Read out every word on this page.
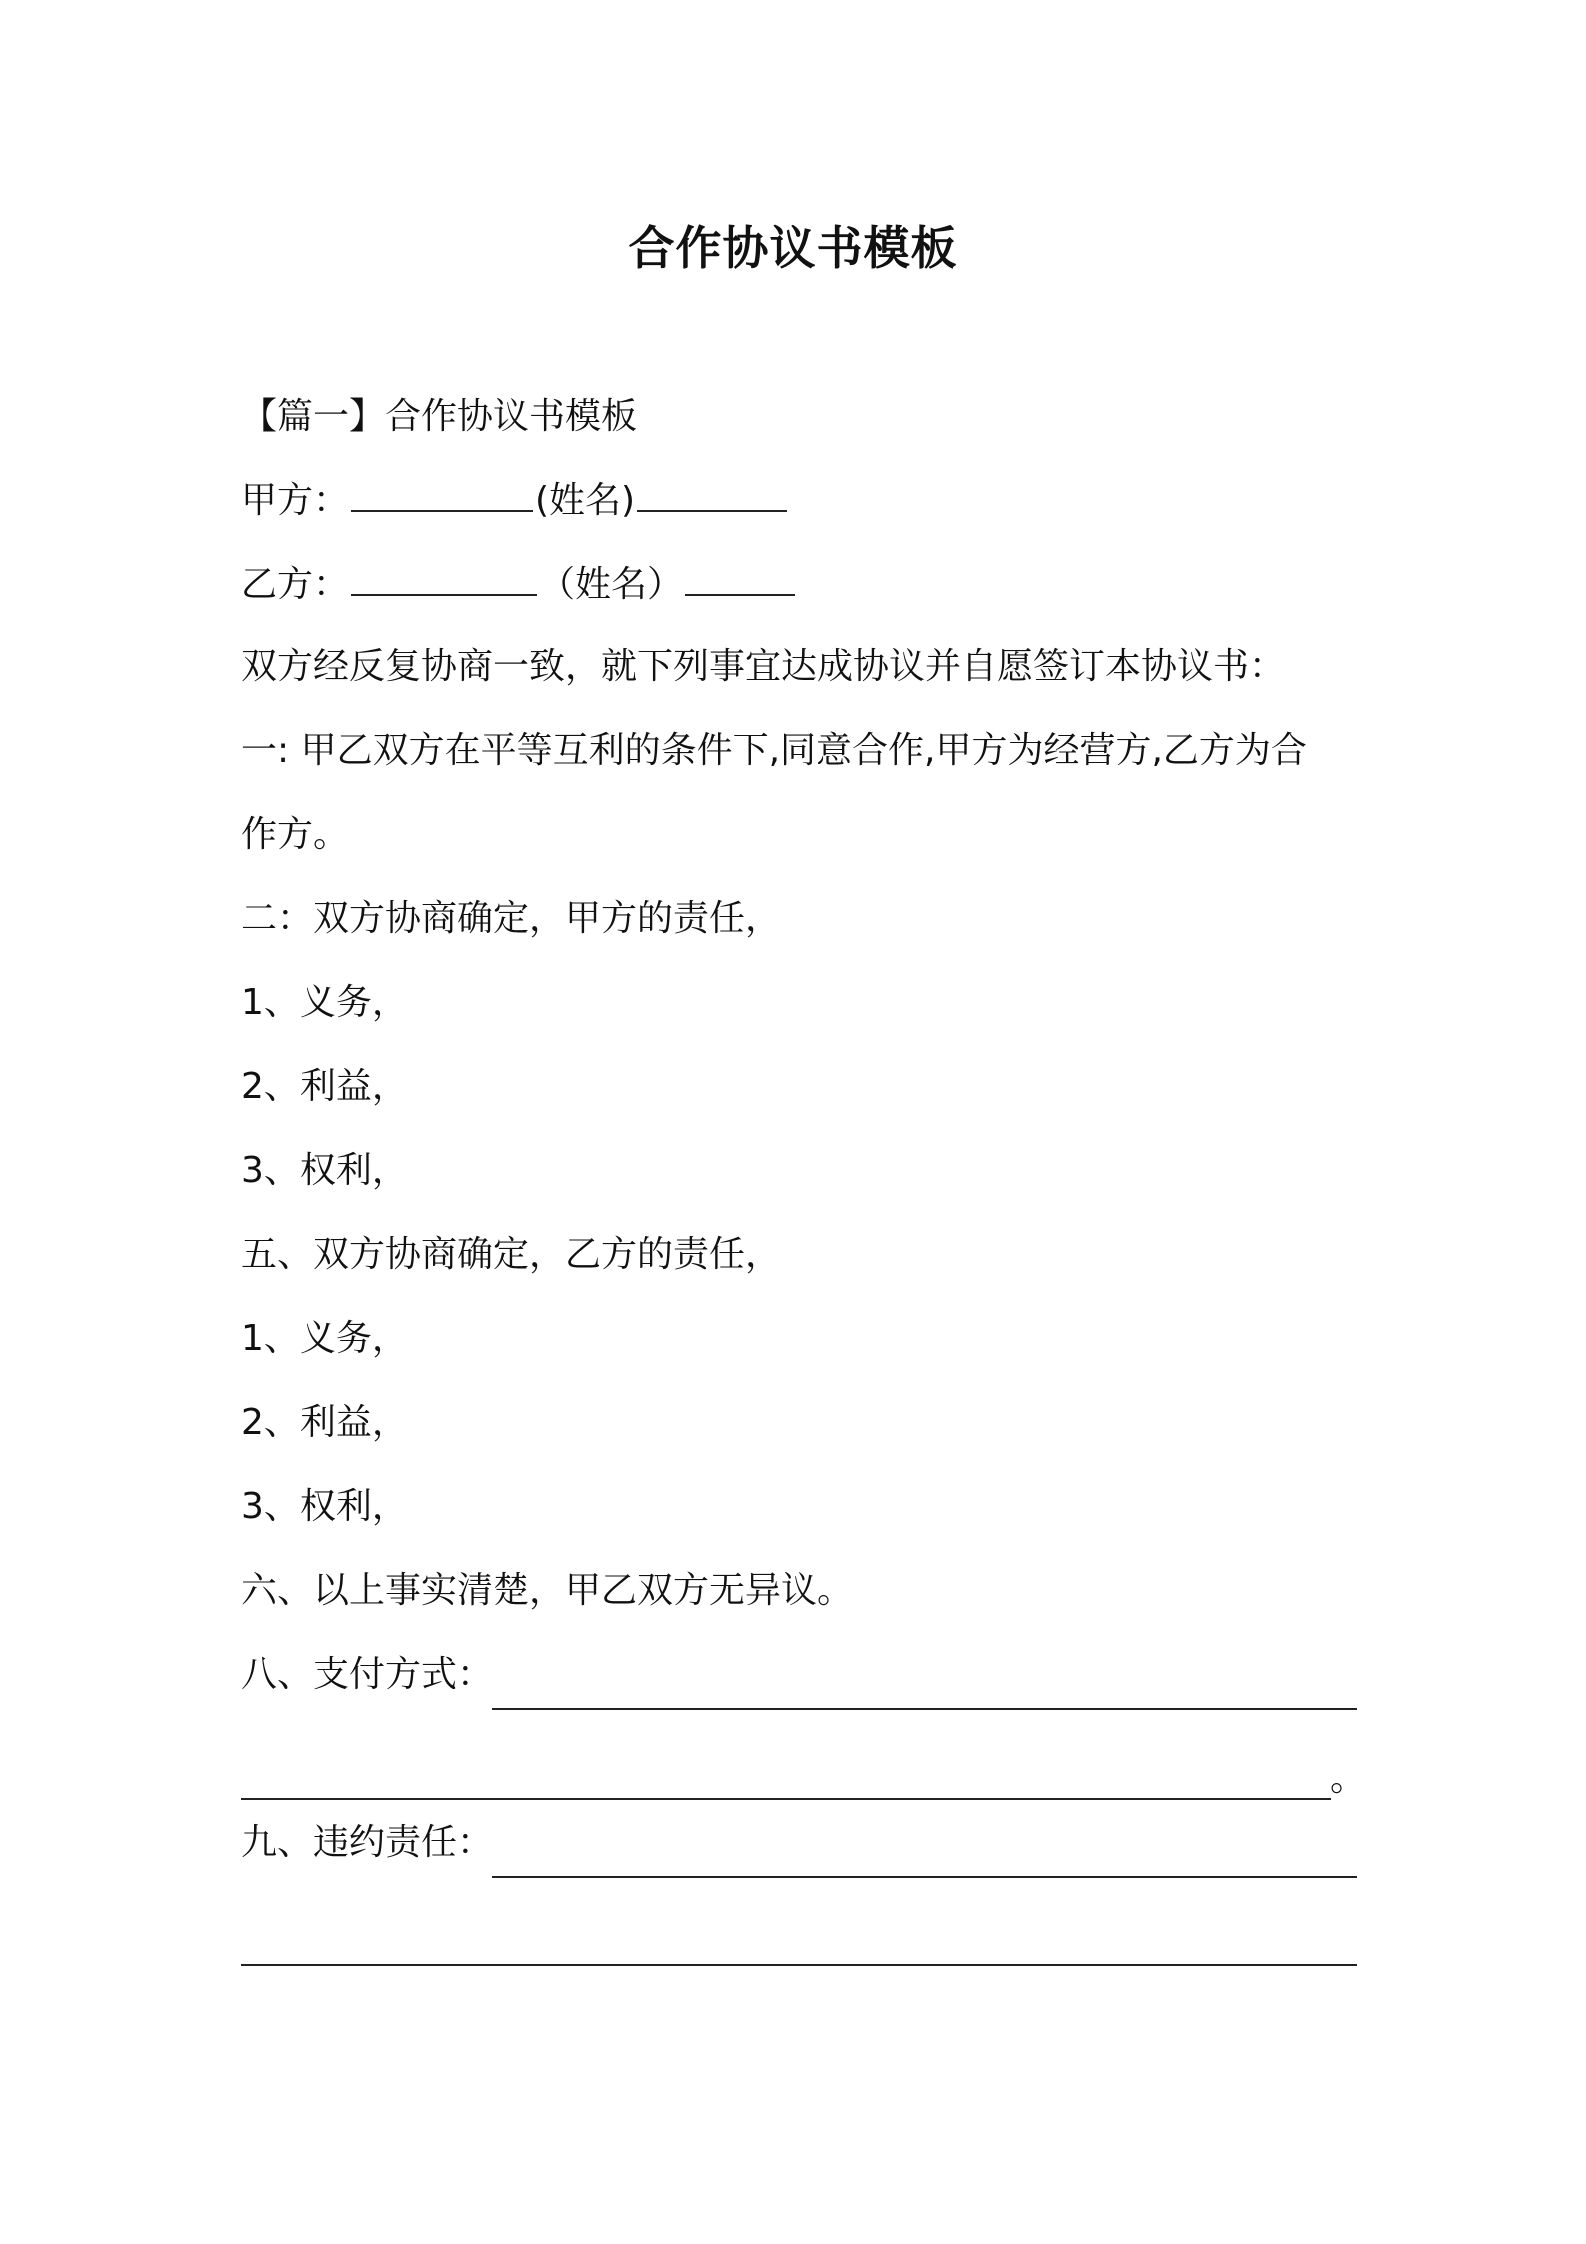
合作协议书模板
【篇一】合作协议书模板
甲方：	(姓名)
乙方：	（姓名）
双方经反复协商一致，就下列事宜达成协议并自愿签订本协议书：
一: 甲乙双方在平等互利的条件下,同意合作,甲方为经营方,乙方为合
作方。
二：双方协商确定，甲方的责任，
1、义务，
2、利益，
3、权利，
五、双方协商确定，乙方的责任，
1、义务，
2、利益，
3、权利，
六、以上事实清楚，甲乙双方无异议。
八、支付方式：
。
九、违约责任：
